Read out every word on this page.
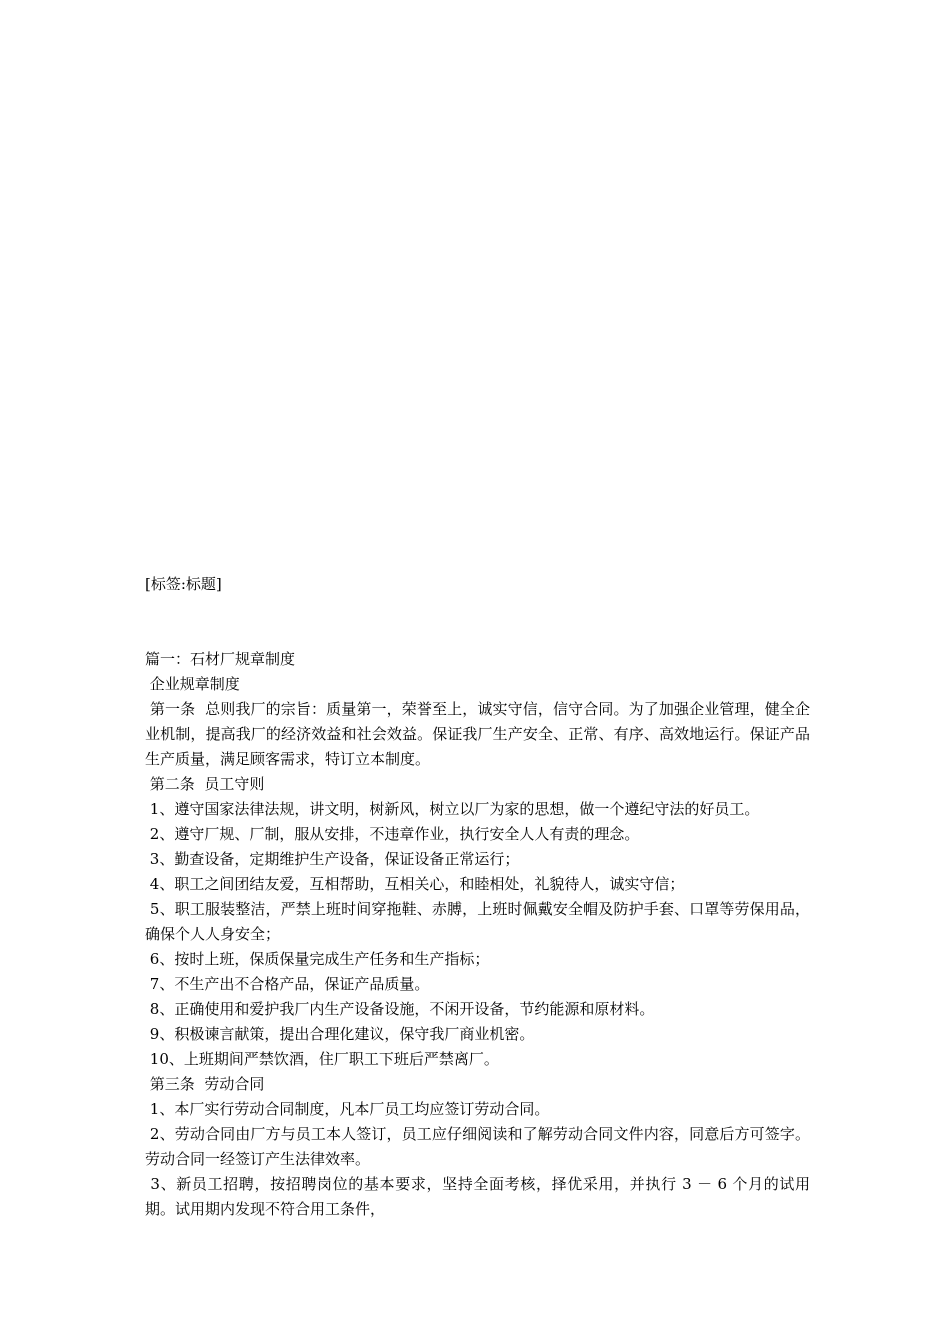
[标签:标题]
篇一：石材厂规章制度
企业规章制度
第一条  总则我厂的宗旨：质量第一，荣誉至上，诚实守信，信守合同。为了加强企业管理，健全企业机制，提高我厂的经济效益和社会效益。保证我厂生产安全、正常、有序、高效地运行。保证产品生产质量，满足顾客需求，特订立本制度。
第二条  员工守则
1、遵守国家法律法规，讲文明，树新风，树立以厂为家的思想，做一个遵纪守法的好员工。
2、遵守厂规、厂制，服从安排，不违章作业，执行安全人人有责的理念。
3、勤查设备，定期维护生产设备，保证设备正常运行；
4、职工之间团结友爱，互相帮助，互相关心，和睦相处，礼貌待人，诚实守信；
5、职工服装整洁，严禁上班时间穿拖鞋、赤膊，上班时佩戴安全帽及防护手套、口罩等劳保用品，确保个人人身安全；
6、按时上班，保质保量完成生产任务和生产指标；
7、不生产出不合格产品，保证产品质量。
8、正确使用和爱护我厂内生产设备设施，不闲开设备，节约能源和原材料。
9、积极谏言献策，提出合理化建议，保守我厂商业机密。
10、上班期间严禁饮酒，住厂职工下班后严禁离厂。
第三条  劳动合同
1、本厂实行劳动合同制度，凡本厂员工均应签订劳动合同。
2、劳动合同由厂方与员工本人签订，员工应仔细阅读和了解劳动合同文件内容，同意后方可签字。劳动合同一经签订产生法律效率。
3、新员工招聘，按招聘岗位的基本要求，坚持全面考核，择优采用，并执行 3 － 6 个月的试用期。试用期内发现不符合用工条件，
